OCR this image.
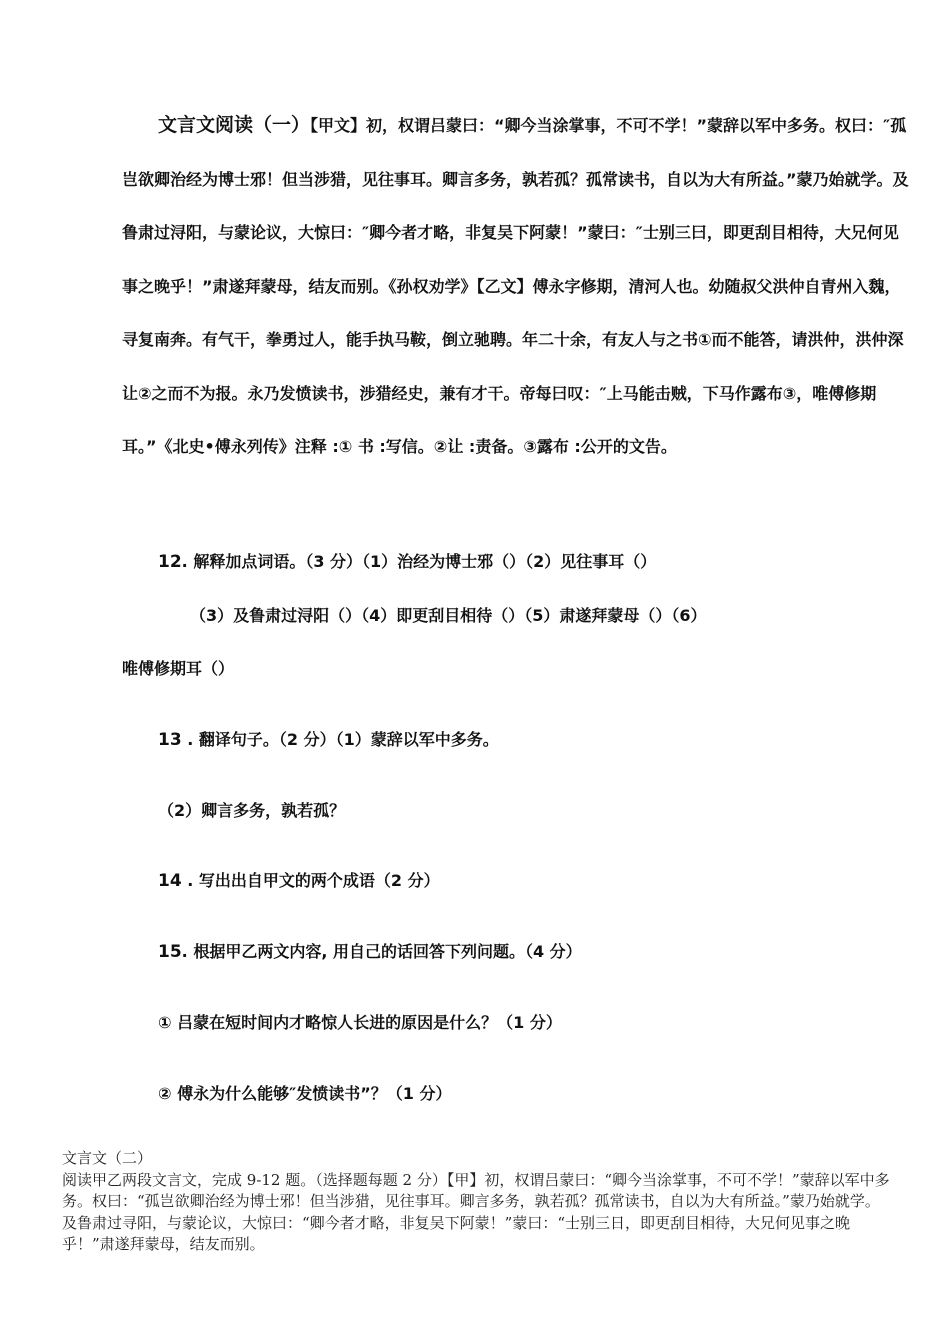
文言文阅读（一）【甲文】初，权谓吕蒙曰：“卿今当涂掌事，不可不学！”蒙辞以军中多务。权曰：″孤岂欲卿治经为博士邪！但当涉猎，见往事耳。卿言多务，孰若孤？孤常读书，自以为大有所益。”蒙乃始就学。及鲁肃过浔阳，与蒙论议，大惊曰：″卿今者才略，非复吴下阿蒙！”蒙曰：″士别三曰，即更刮目相待，大兄何见事之晚乎！”肃遂拜蒙母，结友而别。《孙权劝学》【乙文】傅永字修期，清河人也。幼随叔父洪仲自青州入魏，寻复南奔。有气干，拳勇过人，能手执马鞍，倒立驰聘。年二十余，有友人与之书①而不能答，请洪仲，洪仲深让②之而不为报。永乃发愤读书，涉猎经史，兼有才干。帝每曰叹：″上马能击贼，下马作露布③，唯傅修期耳。”《北史•傅永列传》注释 :① 书 :写信。②让 :责备。③露布 :公开的文告。

12. 解释加点词语。（3 分）（1）治经为博士邪（）（2）见往事耳（）

（3）及鲁肃过浔阳（）（4）即更刮目相待（）（5）肃遂拜蒙母（）（6）

唯傅修期耳（）

13 . 翻译句子。（2 分）（1）蒙辞以军中多务。

（2）卿言多务，孰若孤？

14 . 写出出自甲文的两个成语（2 分）

15. 根据甲乙两文内容, 用自己的话回答下列问题。（4 分）

① 吕蒙在短时间内才略惊人长进的原因是什么？（1 分）

② 傅永为什么能够″发愤读书”？（1 分）

文言文（二）

阅读甲乙两段文言文，完成 9-12 题。（选择题每题 2 分）【甲】初，权谓吕蒙曰：“卿今当涂掌事，不可不学！”蒙辞以军中多务。权曰：“孤岂欲卿治经为博士邪！但当涉猎，见往事耳。卿言多务，孰若孤？孤常读书，自以为大有所益。”蒙乃始就学。及鲁肃过寻阳，与蒙论议，大惊曰：“卿今者才略，非复吴下阿蒙！”蒙曰：“士别三日，即更刮目相待，大兄何见事之晚乎！”肃遂拜蒙母，结友而别。
